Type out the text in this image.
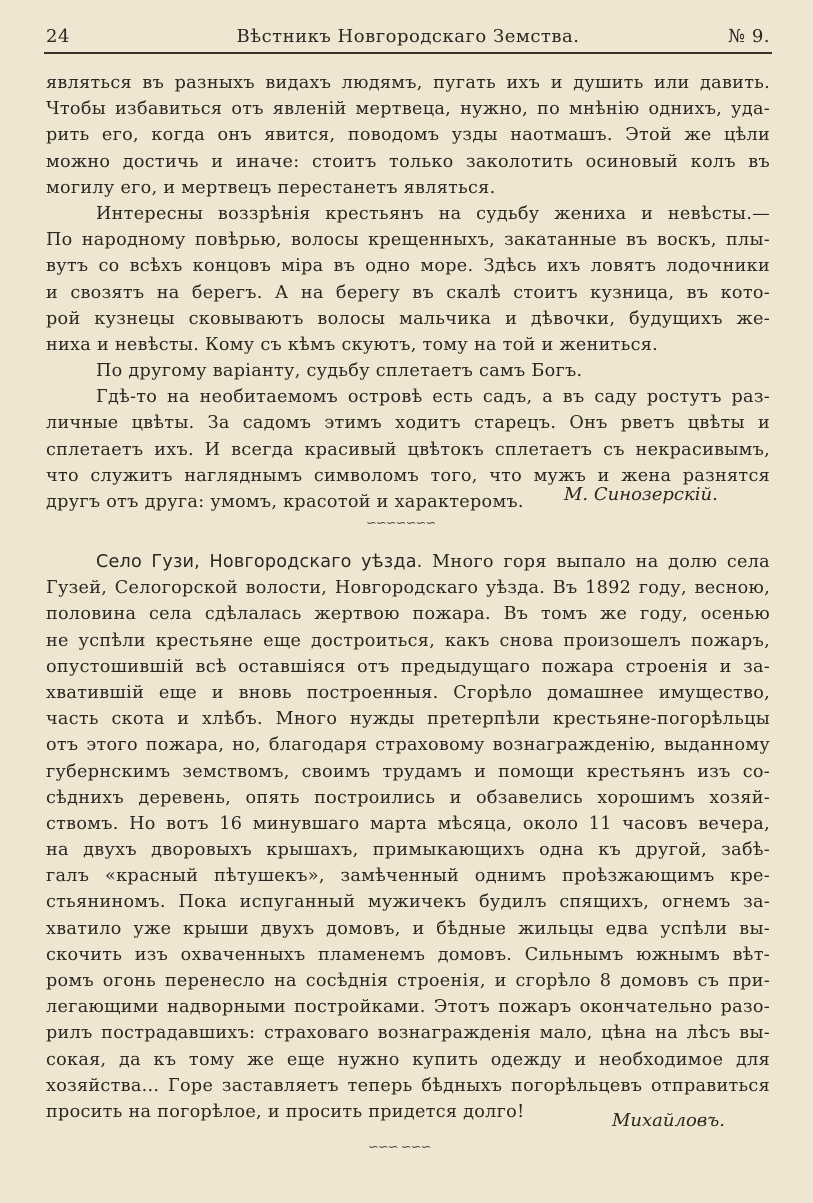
24	Вѣстникъ Новгородскаго Земства.	№ 9.
являться въ разныхъ видахъ людямъ, пугать ихъ и душить или давить.
Чтобы избавиться отъ явленій мертвеца, нужно, по мнѣнію однихъ, уда-
рить его, когда онъ явится, поводомъ узды наотмашъ. Этой же цѣли
можно достичь и иначе: стоитъ только заколотить осиновый колъ въ
могилу его, и мертвецъ перестанетъ являться.
Интересны воззрѣнія крестьянъ на судьбу жениха и невѣсты.—
По народному повѣрью, волосы крещенныхъ, закатанные въ воскъ, плы-
вутъ со всѣхъ концовъ міра въ одно море. Здѣсь ихъ ловятъ лодочники
и свозятъ на берегъ. А на берегу въ скалѣ стоитъ кузница, въ кото-
рой кузнецы сковываютъ волосы мальчика и дѣвочки, будущихъ же-
ниха и невѣсты. Кому съ кѣмъ скуютъ, тому на той и жениться.
По другому варіанту, судьбу сплетаетъ самъ Богъ.
Гдѣ-то на необитаемомъ островѣ есть садъ, а въ саду ростутъ раз-
личные цвѣты. За садомъ этимъ ходитъ старецъ. Онъ рветъ цвѣты и
сплетаетъ ихъ. И всегда красивый цвѣтокъ сплетаетъ съ некрасивымъ,
что служитъ нагляднымъ символомъ того, что мужъ и жена разнятся
другъ отъ друга: умомъ, красотой и характеромъ.	М. Синозерскій.
∽∽∽∽∽∽∽
Село Гузи, Новгородскаго уѣзда. Много горя выпало на долю села
Гузей, Селогорской волости, Новгородскаго уѣзда. Въ 1892 году, весною,
половина села сдѣлалась жертвою пожара. Въ томъ же году, осенью
не успѣли крестьяне еще достроиться, какъ снова произошелъ пожаръ,
опустошившій всѣ оставшіяся отъ предыдущаго пожара строенія и за-
хватившій еще и вновь построенныя. Сгорѣло домашнее имущество,
часть скота и хлѣбъ. Много нужды претерпѣли крестьяне-погорѣльцы
отъ этого пожара, но, благодаря страховому вознагражденію, выданному
губернскимъ земствомъ, своимъ трудамъ и помощи крестьянъ изъ со-
сѣднихъ деревень, опять построились и обзавелись хорошимъ хозяй-
ствомъ. Но вотъ 16 минувшаго марта мѣсяца, около 11 часовъ вечера,
на двухъ дворовыхъ крышахъ, примыкающихъ одна къ другой, забѣ-
галъ «красный пѣтушекъ», замѣченный однимъ проѣзжающимъ кре-
стьяниномъ. Пока испуганный мужичекъ будилъ спящихъ, огнемъ за-
хватило уже крыши двухъ домовъ, и бѣдные жильцы едва успѣли вы-
скочить изъ охваченныхъ пламенемъ домовъ. Сильнымъ южнымъ вѣт-
ромъ огонь перенесло на сосѣднія строенія, и сгорѣло 8 домовъ съ при-
легающими надворными постройками. Этотъ пожаръ окончательно разо-
рилъ пострадавшихъ: страховаго вознагражденія мало, цѣна на лѣсъ вы-
сокая, да къ тому же еще нужно купить одежду и необходимое для
хозяйства... Горе заставляетъ теперь бѣдныхъ погорѣльцевъ отправиться
просить на погорѣлое, и просить придется долго!	Михайловъ.
∽∽∽ ∽∽∽
